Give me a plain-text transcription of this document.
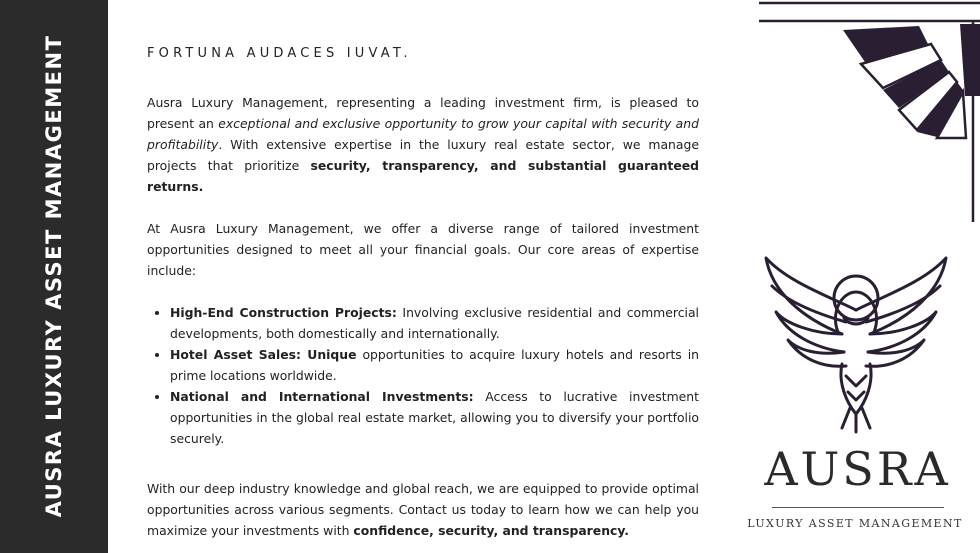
AUSRA LUXURY ASSET MANAGEMENT	FORTUNA AUDACES IUVAT.

Ausra Luxury Management, representing a leading investment firm, is pleased to present an exceptional and exclusive opportunity to grow your capital with security and profitability. With extensive expertise in the luxury real estate sector, we manage projects that prioritize security, transparency, and substantial guaranteed returns.

At Ausra Luxury Management, we offer a diverse range of tailored investment opportunities designed to meet all your financial goals. Our core areas of expertise include:

• High-End Construction Projects: Involving exclusive residential and commercial developments, both domestically and internationally.
• Hotel Asset Sales: Unique opportunities to acquire luxury hotels and resorts in prime locations worldwide.
• National and International Investments: Access to lucrative investment opportunities in the global real estate market, allowing you to diversify your portfolio securely.

With our deep industry knowledge and global reach, we are equipped to provide optimal opportunities across various segments. Contact us today to learn how we can help you maximize your investments with confidence, security, and transparency.

AUSRA
LUXURY ASSET MANAGEMENT
